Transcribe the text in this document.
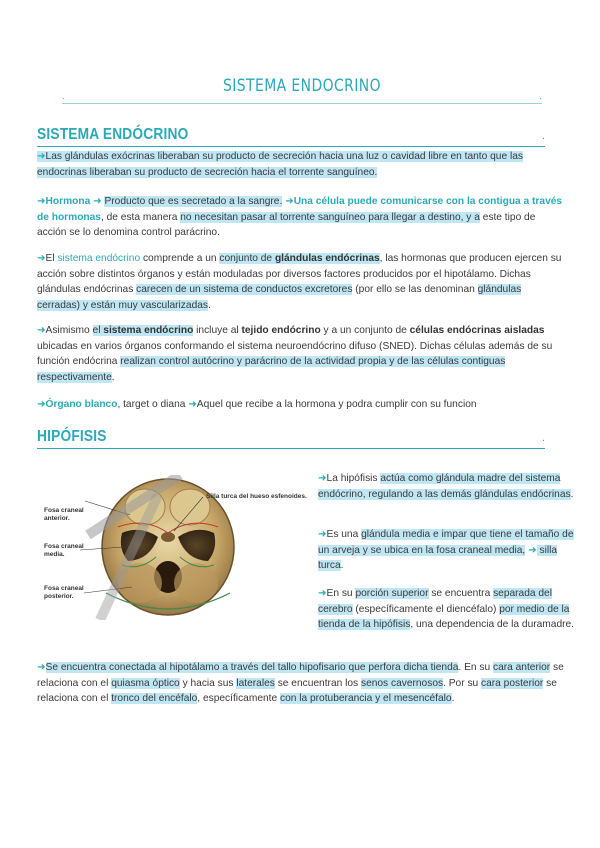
.
SISTEMA ENDOCRINO
.
SISTEMA ENDÓCRINO	.

➜Las glándulas exócrinas liberaban su producto de secreción hacia una luz o cavidad libre en tanto que las endocrinas liberaban su producto de secreción hacia el torrente sanguíneo.

➜Hormona ➜ Producto que es secretado a la sangre. ➜Una célula puede comunicarse con la contigua a través de hormonas, de esta manera no necesitan pasar al torrente sanguíneo para llegar a destino, y a este tipo de acción se lo denomina control parácrino.

➜El sistema endócrino comprende a un conjunto de glándulas endócrinas, las hormonas que producen ejercen su acción sobre distintos órganos y están moduladas por diversos factores producidos por el hipotálamo. Dichas glándulas endócrinas carecen de un sistema de conductos excretores (por ello se las denominan glándulas cerradas) y están muy vascularizadas.

➜Asimismo el sistema endócrino incluye al tejido endócrino y a un conjunto de células endócrinas aisladas ubicadas en varios órganos conformando el sistema neuroendócrino difuso (SNED). Dichas células además de su función endócrina realizan control autócrino y parácrino de la actividad propia y de las células contiguas respectivamente.

➜Órgano blanco, target o diana ➜Aquel que recibe a la hormona y podra cumplir con su funcion

HIPÓFISIS	.
Silla turca del hueso esfenoides.
Fosa craneal anterior.
Fosa craneal media.
Fosa craneal posterior.

➜La hipófisis actúa como glándula madre del sistema endócrino, regulando a las demás glándulas endócrinas.

➜Es una glándula media e impar que tiene el tamaño de un arveja y se ubica en la fosa craneal media, ➜ silla turca.

➜En su porción superior se encuentra separada del cerebro (específicamente el diencéfalo) por medio de la tienda de la hipófisis, una dependencia de la duramadre.

➜Se encuentra conectada al hipotálamo a través del tallo hipofisario que perfora dicha tienda. En su cara anterior se relaciona con el quiasma óptico y hacia sus laterales se encuentran los senos cavernosos. Por su cara posterior se relaciona con el tronco del encéfalo, específicamente con la protuberancia y el mesencéfalo.
